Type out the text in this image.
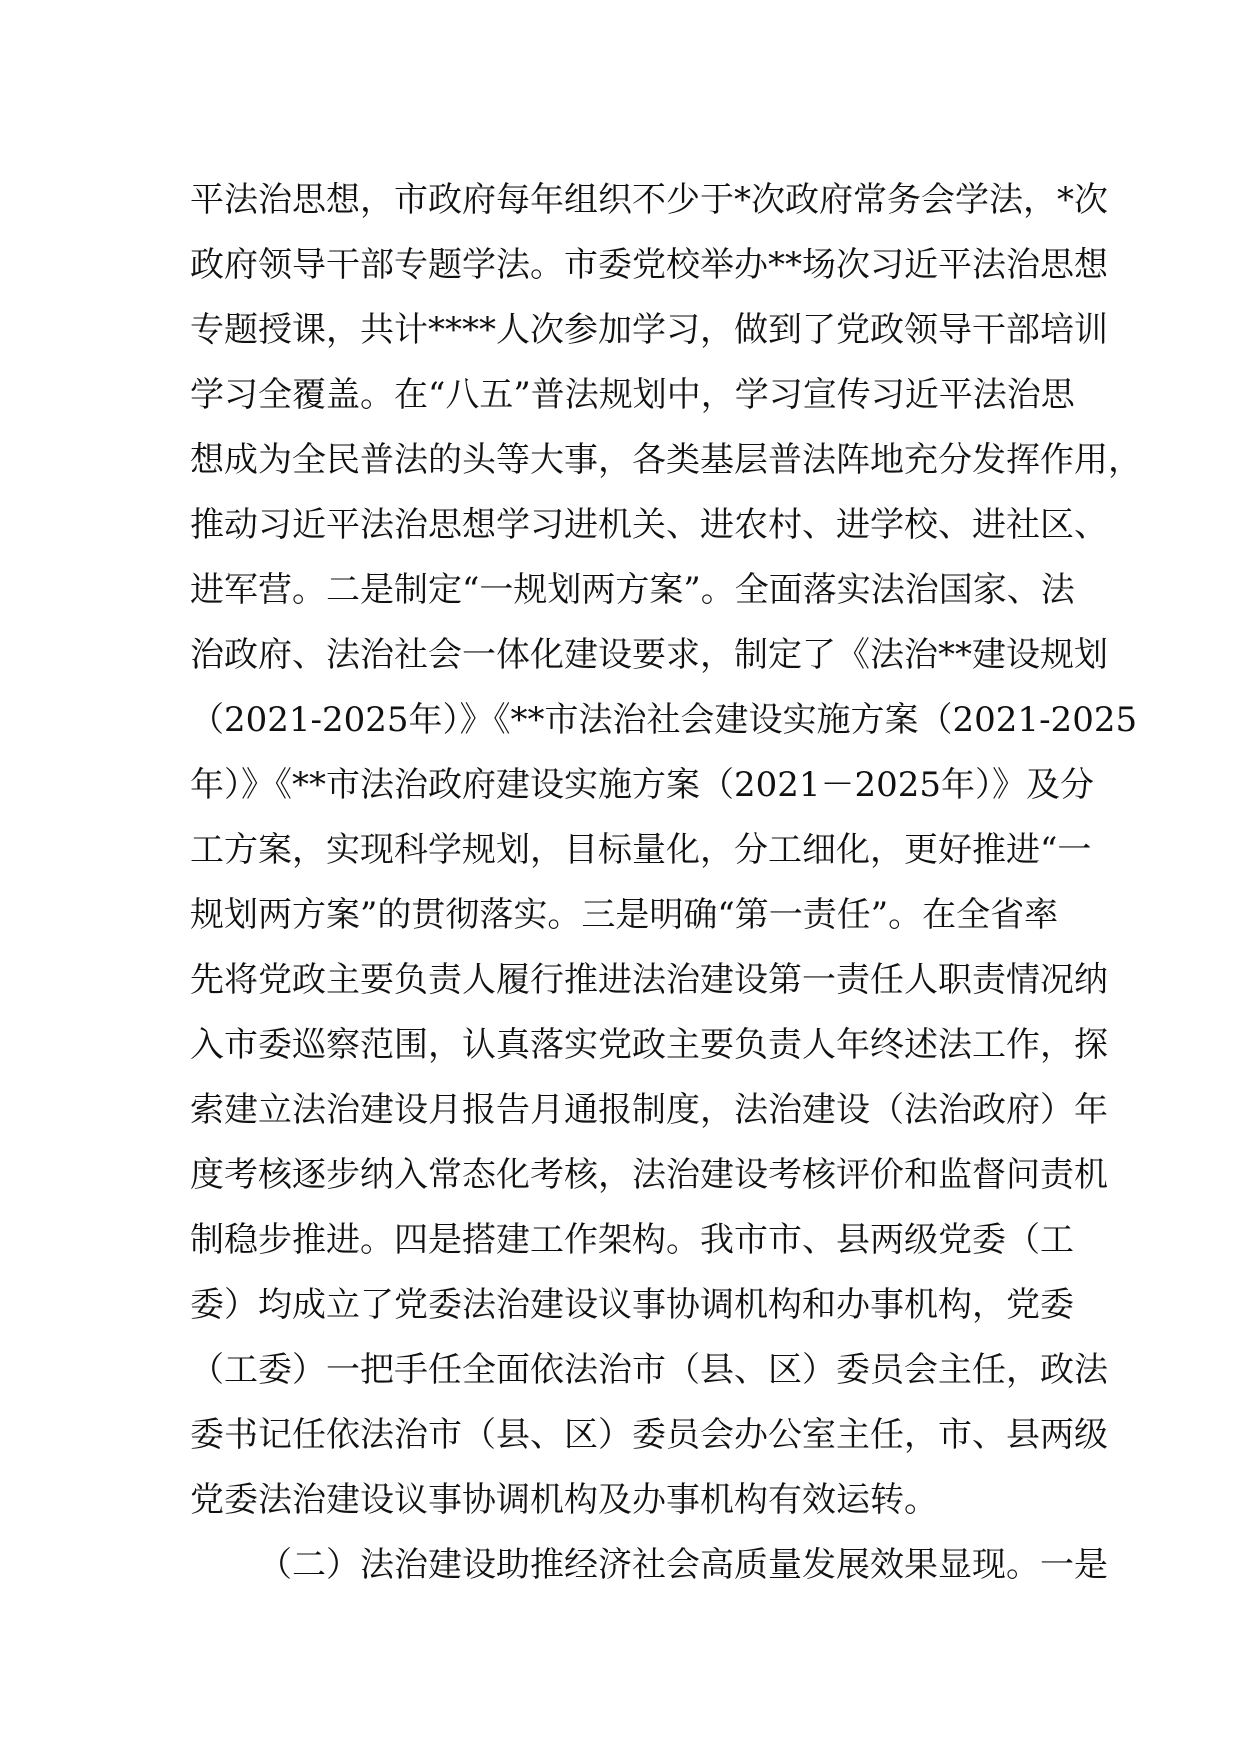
平法治思想，市政府每年组织不少于*次政府常务会学法，*次
政府领导干部专题学法。市委党校举办**场次习近平法治思想
专题授课，共计****人次参加学习，做到了党政领导干部培训
学习全覆盖。在“八五”普法规划中，学习宣传习近平法治思
想成为全民普法的头等大事，各类基层普法阵地充分发挥作用，
推动习近平法治思想学习进机关、进农村、进学校、进社区、
进军营。二是制定“一规划两方案”。全面落实法治国家、法
治政府、法治社会一体化建设要求，制定了《法治**建设规划
（2021-2025年）》《**市法治社会建设实施方案（2021-2025
年）》《**市法治政府建设实施方案（2021－2025年）》及分
工方案，实现科学规划，目标量化，分工细化，更好推进“一
规划两方案”的贯彻落实。三是明确“第一责任”。在全省率
先将党政主要负责人履行推进法治建设第一责任人职责情况纳
入市委巡察范围，认真落实党政主要负责人年终述法工作，探
索建立法治建设月报告月通报制度，法治建设（法治政府）年
度考核逐步纳入常态化考核，法治建设考核评价和监督问责机
制稳步推进。四是搭建工作架构。我市市、县两级党委（工
委）均成立了党委法治建设议事协调机构和办事机构，党委
（工委）一把手任全面依法治市（县、区）委员会主任，政法
委书记任依法治市（县、区）委员会办公室主任，市、县两级
党委法治建设议事协调机构及办事机构有效运转。
（二）法治建设助推经济社会高质量发展效果显现。一是
